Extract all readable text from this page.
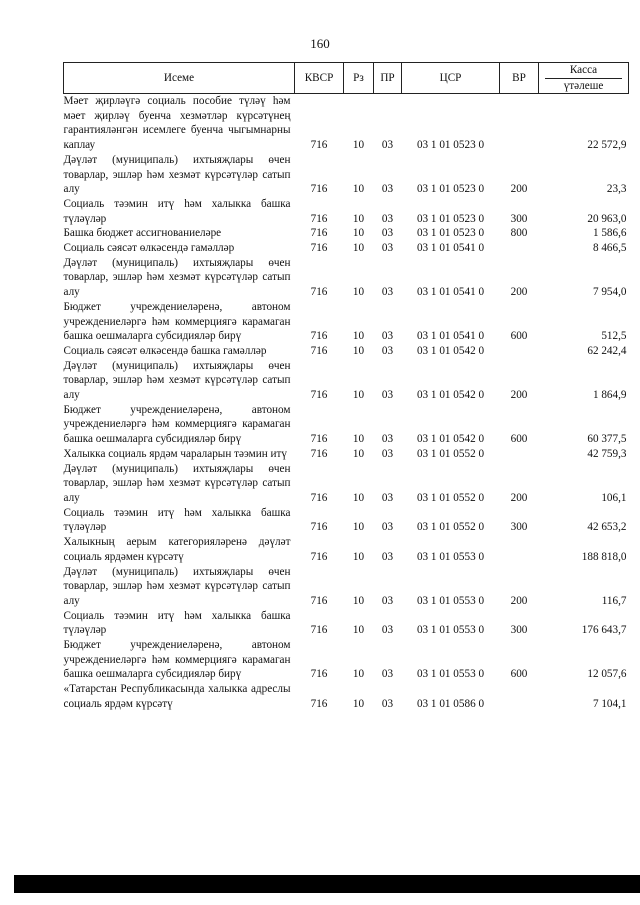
160
Исеме	КВСР	Рз	ПР	ЦСР	ВР	Касса
үтәлеше

Мәет җирләүгә социаль пособие түләү һәм мәет җирләү буенча хезмәтләр күрсәтүнең гарантияләнгән исемлеге буенча чыгымнарны каплау	716	10	03	03 1 01 0523 0		22 572,9
Дәүләт (муниципаль) ихтыяҗлары өчен товарлар, эшләр һәм хезмәт күрсәтүләр сатып алу	716	10	03	03 1 01 0523 0	200	23,3
Социаль тәэмин итү һәм халыкка башка түләүләр	716	10	03	03 1 01 0523 0	300	20 963,0
Башка бюджет ассигнованиеләре	716	10	03	03 1 01 0523 0	800	1 586,6
Социаль сәясәт өлкәсендә гамәлләр	716	10	03	03 1 01 0541 0		8 466,5
Дәүләт (муниципаль) ихтыяҗлары өчен товарлар, эшләр һәм хезмәт күрсәтүләр сатып алу	716	10	03	03 1 01 0541 0	200	7 954,0
Бюджет учреждениеләренә, автоном учреждениеләргә һәм коммерциягә карамаган башка оешмаларга субсидияләр бирү	716	10	03	03 1 01 0541 0	600	512,5
Социаль сәясәт өлкәсендә башка гамәлләр	716	10	03	03 1 01 0542 0		62 242,4
Дәүләт (муниципаль) ихтыяҗлары өчен товарлар, эшләр һәм хезмәт күрсәтүләр сатып алу	716	10	03	03 1 01 0542 0	200	1 864,9
Бюджет учреждениеләренә, автоном учреждениеләргә һәм коммерциягә карамаган башка оешмаларга субсидияләр бирү	716	10	03	03 1 01 0542 0	600	60 377,5
Халыкка социаль ярдәм чараларын тәэмин итү	716	10	03	03 1 01 0552 0		42 759,3
Дәүләт (муниципаль) ихтыяҗлары өчен товарлар, эшләр һәм хезмәт күрсәтүләр сатып алу	716	10	03	03 1 01 0552 0	200	106,1
Социаль тәэмин итү һәм халыкка башка түләүләр	716	10	03	03 1 01 0552 0	300	42 653,2
Халыкның аерым категорияләренә дәүләт социаль ярдәмен күрсәтү	716	10	03	03 1 01 0553 0		188 818,0
Дәүләт (муниципаль) ихтыяҗлары өчен товарлар, эшләр һәм хезмәт күрсәтүләр сатып алу	716	10	03	03 1 01 0553 0	200	116,7
Социаль тәэмин итү һәм халыкка башка түләүләр	716	10	03	03 1 01 0553 0	300	176 643,7
Бюджет учреждениеләренә, автоном учреждениеләргә һәм коммерциягә карамаган башка оешмаларга субсидияләр бирү	716	10	03	03 1 01 0553 0	600	12 057,6
«Татарстан Республикасында халыкка адреслы социаль ярдәм күрсәтү	716	10	03	03 1 01 0586 0		7 104,1
